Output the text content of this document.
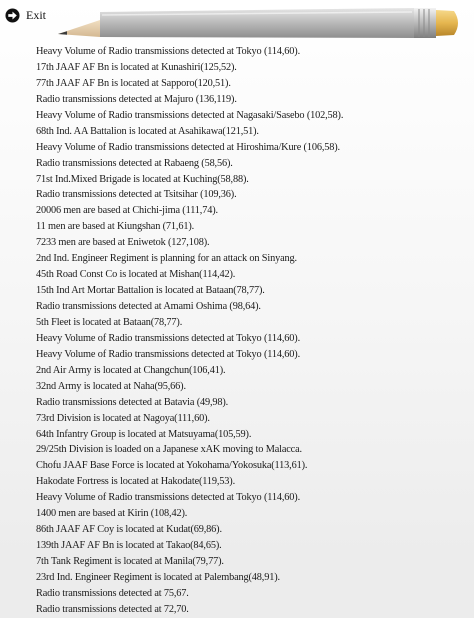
Exit
Heavy Volume of Radio transmissions detected at Tokyo (114,60).
17th JAAF AF Bn is located at Kunashiri(125,52).
77th JAAF AF Bn is located at Sapporo(120,51).
Radio transmissions detected at Majuro (136,119).
Heavy Volume of Radio transmissions detected at Nagasaki/Sasebo (102,58).
68th Ind. AA Battalion is located at Asahikawa(121,51).
Heavy Volume of Radio transmissions detected at Hiroshima/Kure (106,58).
Radio transmissions detected at Rabaeng (58,56).
71st Ind.Mixed Brigade is located at Kuching(58,88).
Radio transmissions detected at Tsitsihar (109,36).
20006 men are based at Chichi-jima (111,74).
11 men are based at Kiungshan (71,61).
7233 men are based at Eniwetok (127,108).
2nd Ind. Engineer Regiment is planning for an attack on Sinyang.
45th Road Const Co is located at Mishan(114,42).
15th Ind Art Mortar Battalion is located at Bataan(78,77).
Radio transmissions detected at Amami Oshima (98,64).
5th Fleet is located at Bataan(78,77).
Heavy Volume of Radio transmissions detected at Tokyo (114,60).
Heavy Volume of Radio transmissions detected at Tokyo (114,60).
2nd Air Army is located at Changchun(106,41).
32nd Army is located at Naha(95,66).
Radio transmissions detected at Batavia (49,98).
73rd Division is located at Nagoya(111,60).
64th Infantry Group is located at Matsuyama(105,59).
29/25th Division is loaded on a Japanese xAK moving to Malacca.
Chofu JAAF Base Force is located at Yokohama/Yokosuka(113,61).
Hakodate Fortress is located at Hakodate(119,53).
Heavy Volume of Radio transmissions detected at Tokyo (114,60).
1400 men are based at Kirin (108,42).
86th JAAF AF Coy is located at Kudat(69,86).
139th JAAF AF Bn is located at Takao(84,65).
7th Tank Regiment is located at Manila(79,77).
23rd Ind. Engineer Regiment is located at Palembang(48,91).
Radio transmissions detected at 75,67.
Radio transmissions detected at 72,70.
